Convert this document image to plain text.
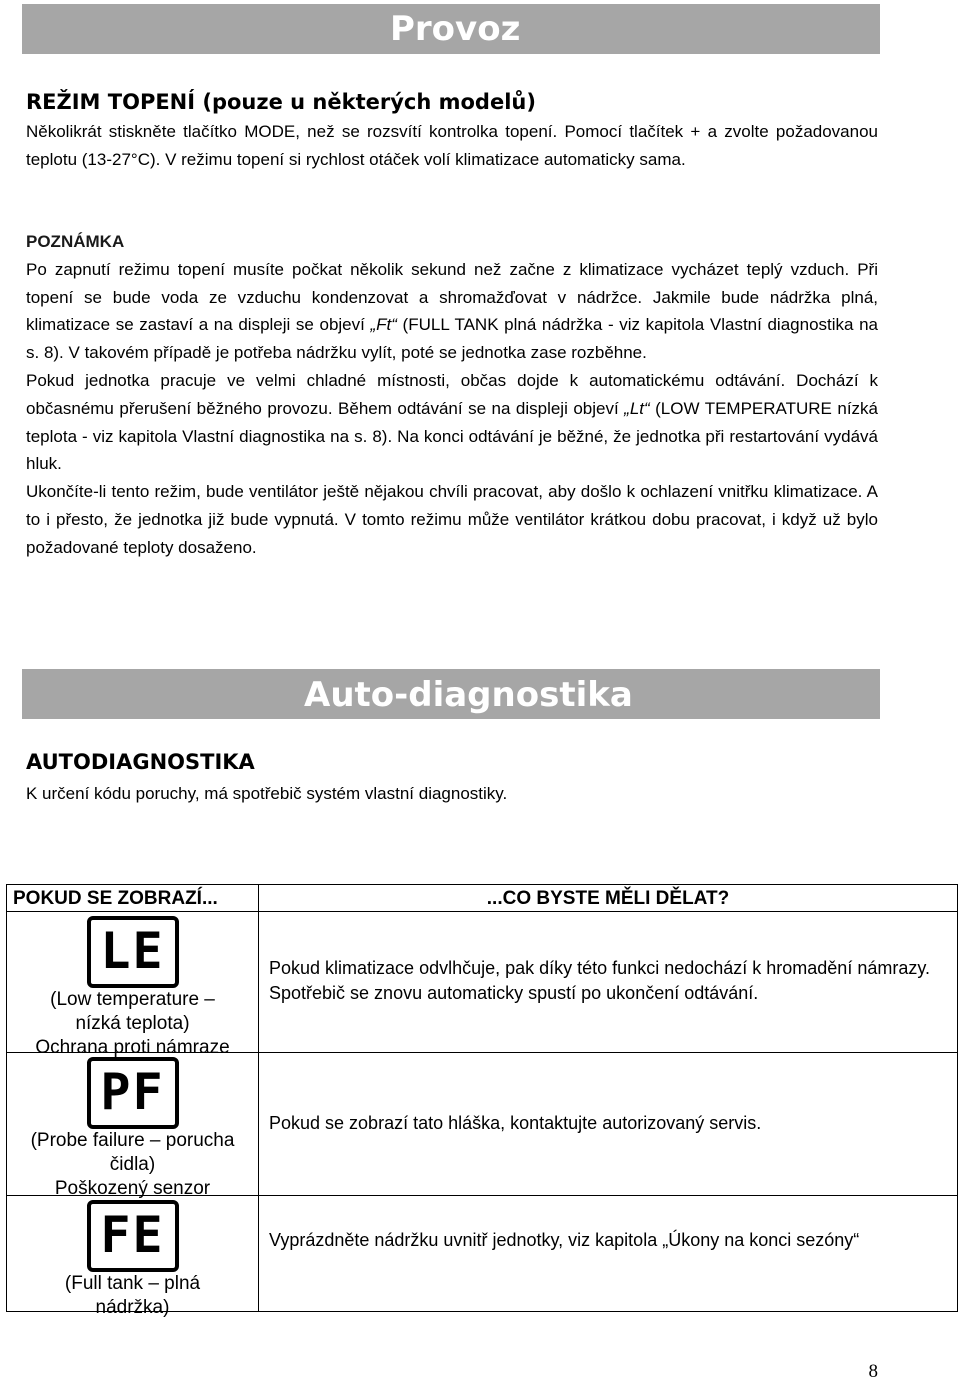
Provoz
REŽIM TOPENÍ (pouze u některých modelů)
Několikrát stiskněte tlačítko MODE, než se rozsvítí kontrolka topení. Pomocí tlačítek + a zvolte požadovanou teplotu (13-27°C). V režimu topení si rychlost otáček volí klimatizace automaticky sama.
POZNÁMKA
Po zapnutí režimu topení musíte počkat několik sekund než začne z klimatizace vycházet teplý vzduch. Při topení se bude voda ze vzduchu kondenzovat a shromažďovat v nádržce. Jakmile bude nádržka plná, klimatizace se zastaví a na displeji se objeví „Ft“ (FULL TANK plná nádržka - viz kapitola Vlastní diagnostika na s. 8). V takovém případě je potřeba nádržku vylít, poté se jednotka zase rozběhne.
Pokud jednotka pracuje ve velmi chladné místnosti, občas dojde k automatickému odtávání. Dochází k občasnému přerušení běžného provozu. Během odtávání se na displeji objeví „Lt“ (LOW TEMPERATURE nízká teplota - viz kapitola Vlastní diagnostika na s. 8). Na konci odtávání je běžné, že jednotka při restartování vydává hluk.
Ukončíte-li tento režim, bude ventilátor ještě nějakou chvíli pracovat, aby došlo k ochlazení vnitřku klimatizace. A to i přesto, že jednotka již bude vypnutá. V tomto režimu může ventilátor krátkou dobu pracovat, i když už bylo požadované teploty dosaženo.
Auto-diagnostika
AUTODIAGNOSTIKA
K určení kódu poruchy, má spotřebič systém vlastní diagnostiky.
POKUD SE ZOBRAZÍ...	...CO BYSTE MĚLI DĚLAT?
LE
(Low temperature –
nízká teplota)
Ochrana proti námraze
Pokud klimatizace odvlhčuje, pak díky této funkci nedochází k hromadění námrazy. Spotřebič se znovu automaticky spustí po ukončení odtávání.
PF
(Probe failure – porucha
čidla)
Poškozený senzor
Pokud se zobrazí tato hláška, kontaktujte autorizovaný servis.
FE
(Full tank – plná
nádržka)
Vyprázdněte nádržku uvnitř jednotky, viz kapitola „Úkony na konci sezóny“
8
